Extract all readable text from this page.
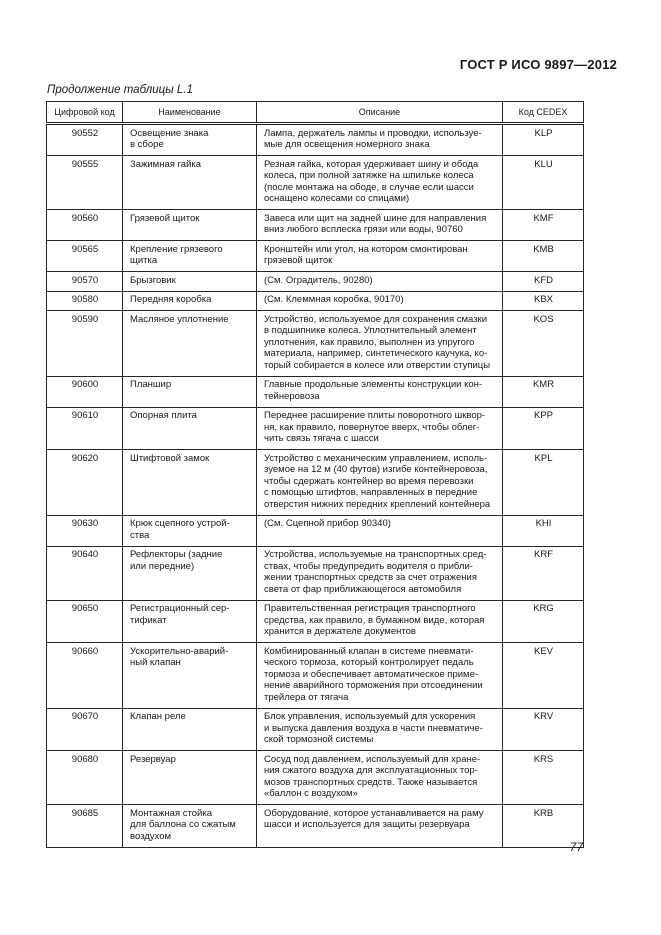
ГОСТ Р ИСО 9897—2012
Продолжение таблицы L.1
Цифровой код	Наименование	Описание	Код CEDEX
90552	Освещение знака
в сборе	Лампа, держатель лампы и проводки, используе-
мые для освещения номерного знака	KLP
90555	Зажимная гайка	Резная гайка, которая удерживает шину и обода
колеса, при полной затяжке на шпильке колеса
(после монтажа на ободе, в случае если шасси
оснащено колесами со спицами)	KLU
90560	Грязевой щиток	Завеса или щит на задней шине для направления
вниз любого всплеска грязи или воды, 90760	KMF
90565	Крепление грязевого
щитка	Кронштейн или угол, на котором смонтирован
грязевой щиток	KMB
90570	Брызговик	(См. Оградитель, 90280)	KFD
90580	Передняя коробка	(См. Клеммная коробка, 90170)	KBX
90590	Масляное уплотнение	Устройство, используемое для сохранения смазки
в подшипнике колеса. Уплотнительный элемент
уплотнения, как правило, выполнен из упругого
материала, например, синтетического каучука, ко-
торый собирается в колесе или отверстии ступицы	KOS
90600	Планшир	Главные продольные элементы конструкции кон-
тейнеровоза	KMR
90610	Опорная плита	Переднее расширение плиты поворотного шквор-
ня, как правило, повернутое вверх, чтобы облег-
чить связь тягача с шасси	KPP
90620	Штифтовой замок	Устройство с механическим управлением, исполь-
зуемое на 12 м (40 футов) изгибе контейнеровоза,
чтобы сдержать контейнер во время перевозки
с помощью штифтов, направленных в передние
отверстия нижних передних креплений контейнера	KPL
90630	Крюк сцепного устрой-
ства	(См. Сцепной прибор 90340)	KHI
90640	Рефлекторы (задние
или передние)	Устройства, используемые на транспортных сред-
ствах, чтобы предупредить водителя о прибли-
жении транспортных средств за счет отражения
света от фар приближающегося автомобиля	KRF
90650	Регистрационный сер-
тификат	Правительственная регистрация транспортного
средства, как правило, в бумажном виде, которая
хранится в держателе документов	KRG
90660	Ускорительно-аварий-
ный клапан	Комбинированный клапан в системе пневмати-
ческого тормоза, который контролирует педаль
тормоза и обеспечивает автоматическое приме-
нение аварийного торможения при отсоединении
трейлера от тягача	KEV
90670	Клапан реле	Блок управления, используемый для ускорения
и выпуска давления воздуха в части пневматиче-
ской тормозной системы	KRV
90680	Резервуар	Сосуд под давлением, используемый для хране-
ния сжатого воздуха для эксплуатационных тор-
мозов транспортных средств. Также называется
«баллон с воздухом»	KRS
90685	Монтажная стойка
для баллона со сжатым
воздухом	Оборудование, которое устанавливается на раму
шасси и используется для защиты резервуара	KRB
77
